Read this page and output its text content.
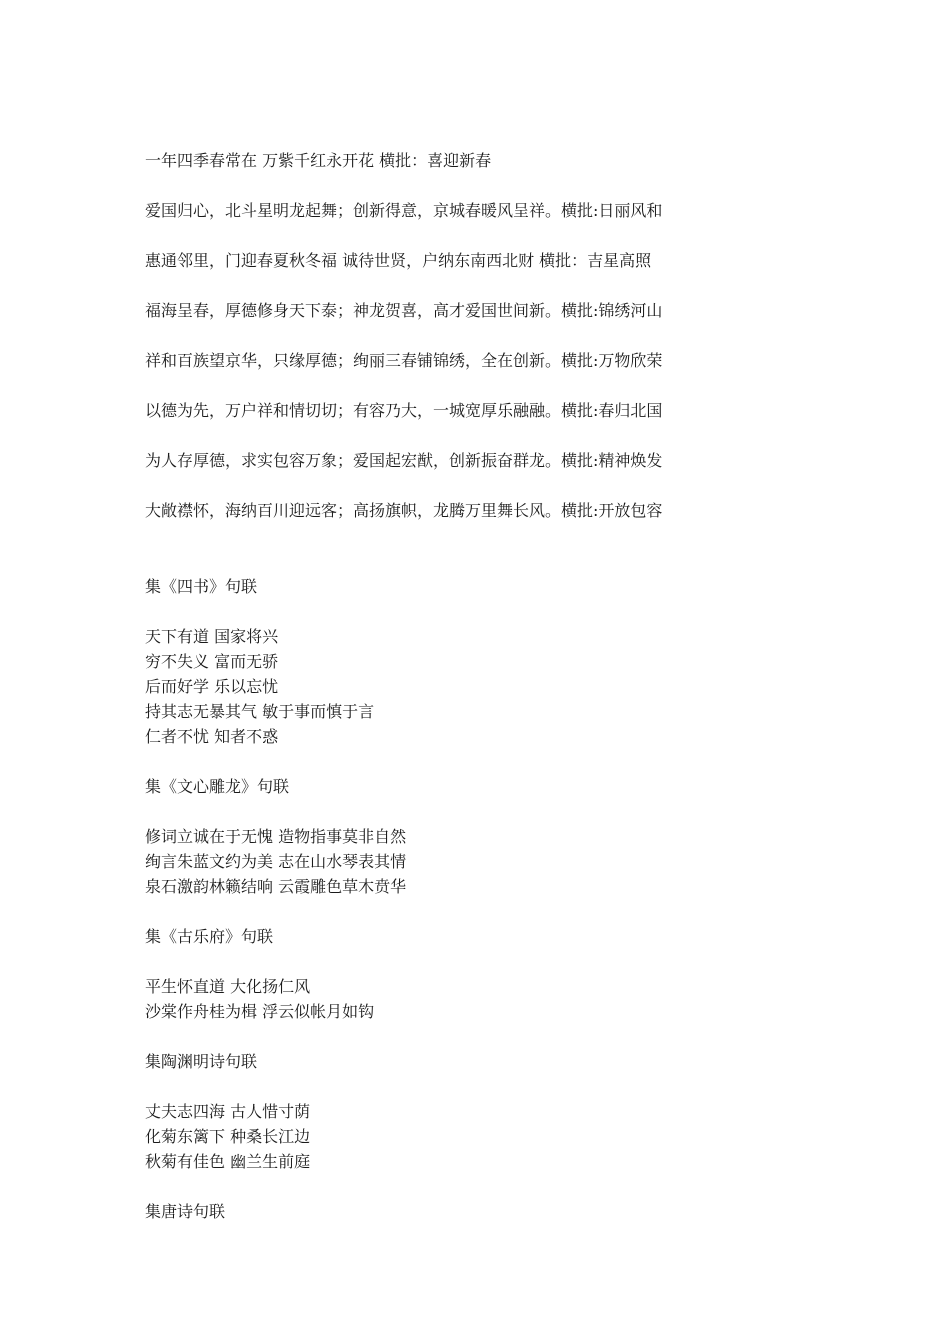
一年四季春常在 万紫千红永开花 横批：喜迎新春

爱国归心，北斗星明龙起舞；创新得意，京城春暖风呈祥。横批:日丽风和

惠通邻里，门迎春夏秋冬福 诚待世贤，户纳东南西北财 横批：吉星高照

福海呈春，厚德修身天下泰；神龙贺喜，高才爱国世间新。横批:锦绣河山

祥和百族望京华，只缘厚德；绚丽三春铺锦绣，全在创新。横批:万物欣荣

以德为先，万户祥和情切切；有容乃大，一城宽厚乐融融。横批:春归北国

为人存厚德，求实包容万象；爱国起宏猷，创新振奋群龙。横批:精神焕发

大敞襟怀，海纳百川迎远客；高扬旗帜，龙腾万里舞长风。横批:开放包容

集《四书》句联
天下有道 国家将兴
穷不失义 富而无骄
后而好学 乐以忘忧
持其志无暴其气 敏于事而慎于言
仁者不忧 知者不惑
集《文心雕龙》句联
修词立诚在于无愧 造物指事莫非自然
绚言朱蓝文约为美 志在山水琴表其情
泉石激韵林籁结响 云霞雕色草木贲华
集《古乐府》句联
平生怀直道 大化扬仁风
沙棠作舟桂为楫 浮云似帐月如钩
集陶渊明诗句联
丈夫志四海 古人惜寸荫
化菊东篱下 种桑长江边
秋菊有佳色 幽兰生前庭
集唐诗句联
